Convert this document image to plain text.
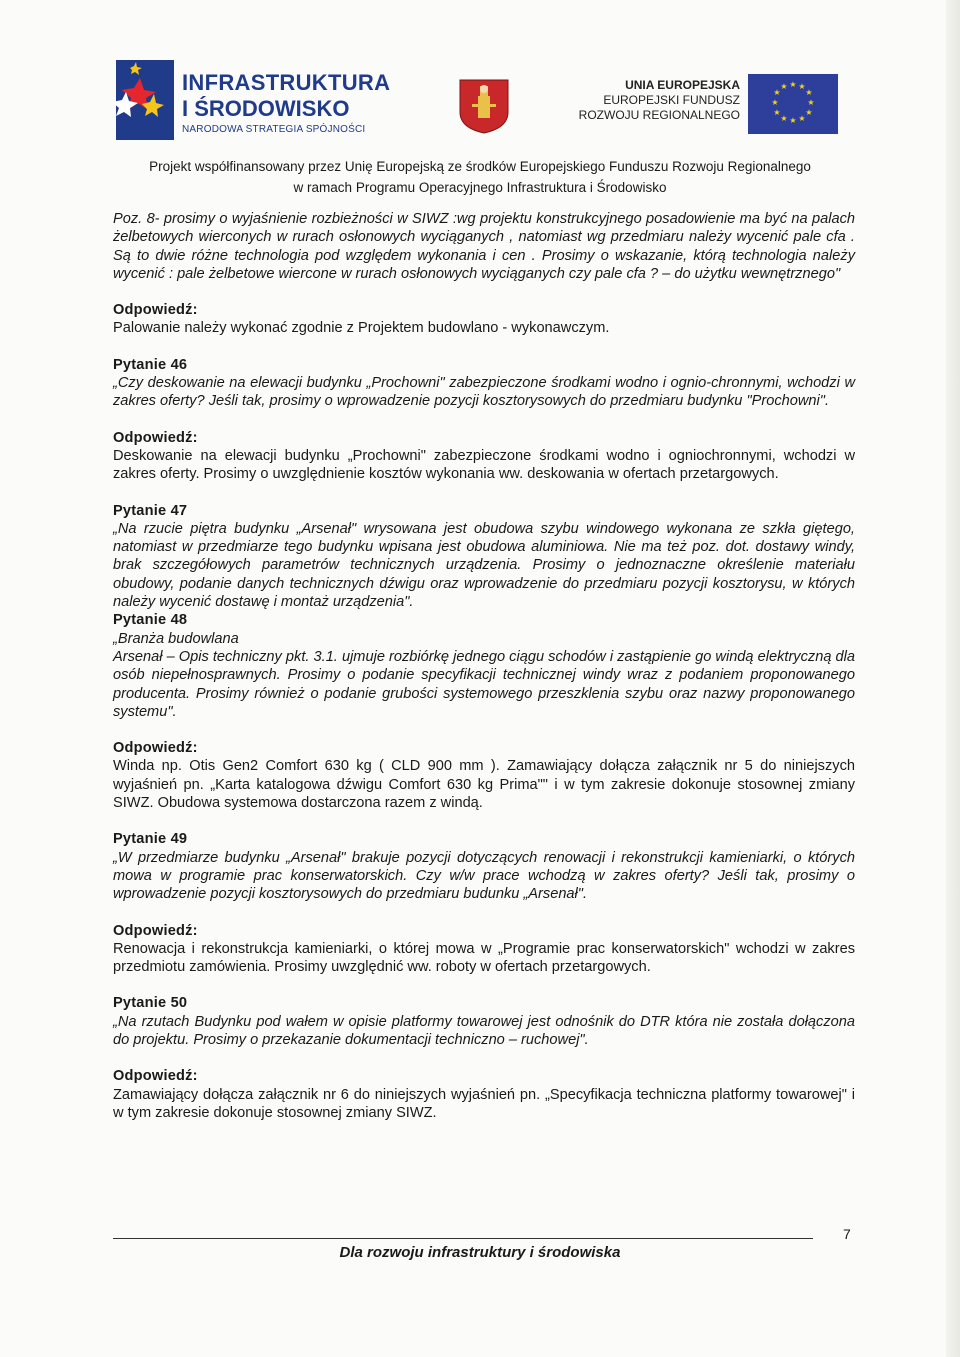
INFRASTRUKTURA
I ŚRODOWISKO
NARODOWA STRATEGIA SPÓJNOŚCI
UNIA EUROPEJSKA
EUROPEJSKI FUNDUSZ
ROZWOJU REGIONALNEGO
★ ★
★
★
★
★
★
★
★
★
★
★
Projekt współfinansowany przez Unię Europejską ze środków Europejskiego Funduszu Rozwoju Regionalnego
w ramach Programu Operacyjnego Infrastruktura i Środowisko

Poz. 8- prosimy o wyjaśnienie rozbieżności w SIWZ :wg projektu konstrukcyjnego posadowienie ma być na palach żelbetowych wierconych w rurach osłonowych wyciąganych , natomiast wg przedmiaru należy wycenić pale cfa . Są to dwie różne technologia pod względem wykonania i cen . Prosimy o wskazanie, którą technologia należy wycenić : pale żelbetowe wiercone w rurach osłonowych wyciąganych czy pale cfa ? – do użytku wewnętrznego"

Odpowiedź:

Palowanie należy wykonać zgodnie z Projektem budowlano - wykonawczym.

Pytanie 46

„Czy deskowanie na elewacji budynku „Prochowni" zabezpieczone środkami wodno i ognio-chronnymi, wchodzi w zakres oferty? Jeśli tak, prosimy o wprowadzenie pozycji kosztorysowych do przedmiaru budynku "Prochowni".

Odpowiedź:

Deskowanie na elewacji budynku „Prochowni" zabezpieczone środkami wodno i ogniochronnymi, wchodzi w zakres oferty. Prosimy o uwzględnienie kosztów wykonania ww. deskowania w ofertach przetargowych.

Pytanie 47

„Na rzucie piętra budynku „Arsenał" wrysowana jest obudowa szybu windowego wykonana ze szkła giętego, natomiast w przedmiarze tego budynku wpisana jest obudowa aluminiowa. Nie ma też poz. dot. dostawy windy, brak szczegółowych parametrów technicznych urządzenia. Prosimy o jednoznaczne określenie materiału obudowy, podanie danych technicznych dźwigu oraz wprowadzenie do przedmiaru pozycji kosztorysu, w których należy wycenić dostawę i montaż urządzenia".

Pytanie 48

„Branża budowlana

Arsenał – Opis techniczny pkt. 3.1. ujmuje rozbiórkę jednego ciągu schodów i zastąpienie go windą elektryczną dla osób niepełnosprawnych. Prosimy o podanie specyfikacji technicznej windy wraz z podaniem proponowanego producenta. Prosimy również o podanie grubości systemowego przeszklenia szybu oraz nazwy proponowanego systemu".

Odpowiedź:

Winda np. Otis Gen2 Comfort 630 kg ( CLD 900 mm ). Zamawiający dołącza załącznik nr 5 do niniejszych wyjaśnień pn. „Karta katalogowa dźwigu Comfort 630 kg Prima"" i w tym zakresie dokonuje stosownej zmiany SIWZ. Obudowa systemowa dostarczona razem z windą.

Pytanie 49

„W przedmiarze budynku „Arsenał" brakuje pozycji dotyczących renowacji i rekonstrukcji kamieniarki, o których mowa w programie prac konserwatorskich. Czy w/w prace wchodzą w zakres oferty? Jeśli tak, prosimy o wprowadzenie pozycji kosztorysowych do przedmiaru budunku „Arsenał".

Odpowiedź:

Renowacja i rekonstrukcja kamieniarki, o której mowa w „Programie prac konserwatorskich" wchodzi w zakres przedmiotu zamówienia. Prosimy uwzględnić ww. roboty w ofertach przetargowych.

Pytanie 50

„Na rzutach Budynku pod wałem w opisie platformy towarowej jest odnośnik do DTR która nie została dołączona do projektu. Prosimy o przekazanie dokumentacji techniczno – ruchowej".

Odpowiedź:

Zamawiający dołącza załącznik nr 6 do niniejszych wyjaśnień pn. „Specyfikacja techniczna platformy towarowej" i w tym zakresie dokonuje stosownej zmiany SIWZ.

Dla rozwoju infrastruktury i środowiska
7
